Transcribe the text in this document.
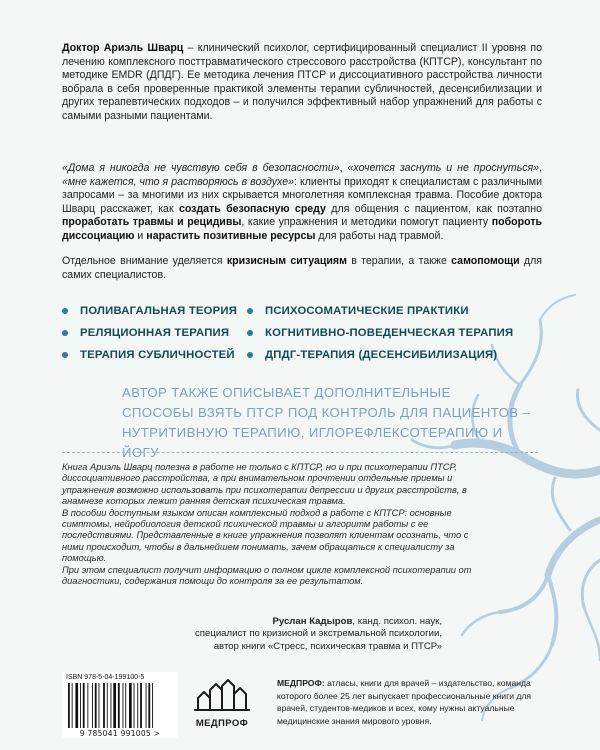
Доктор Ариэль Шварц – клинический психолог, сертифицированный специалист II уровня по лечению комплексного посттравматического стрессового расстройства (КПТСР), консультант по методике EMDR (ДПДГ). Ее методика лечения ПТСР и диссоциативного расстройства личности вобрала в себя проверенные практикой элементы терапии субличностей, десенсибилизации и других терапевтических подходов – и получился эффективный набор упражнений для работы с самыми разными пациентами.
«Дома я никогда не чувствую себя в безопасности», «хочется заснуть и не проснуться», «мне кажется, что я растворяюсь в воздухе»: клиенты приходят к специалистам с различными запросами – за многими из них скрывается многолетняя комплексная травма. Пособие доктора Шварц расскажет, как создать безопасную среду для общения с пациентом, как поэтапно проработать травмы и рецидивы, какие упражнения и методики помогут пациенту побороть диссоциацию и нарастить позитивные ресурсы для работы над травмой.
Отдельное внимание уделяется кризисным ситуациям в терапии, а также самопомощи для самих специалистов.
ПОЛИВАГАЛЬНАЯ ТЕОРИЯ
РЕЛЯЦИОННАЯ ТЕРАПИЯ
ТЕРАПИЯ СУБЛИЧНОСТЕЙ
ПСИХОСОМАТИЧЕСКИЕ ПРАКТИКИ
КОГНИТИВНО-ПОВЕДЕНЧЕСКАЯ ТЕРАПИЯ
ДПДГ-ТЕРАПИЯ (ДЕСЕНСИБИЛИЗАЦИЯ)
АВТОР ТАКЖЕ ОПИСЫВАЕТ ДОПОЛНИТЕЛЬНЫЕ
СПОСОБЫ ВЗЯТЬ ПТСР ПОД КОНТРОЛЬ ДЛЯ ПАЦИЕНТОВ –
НУТРИТИВНУЮ ТЕРАПИЮ, ИГЛОРЕФЛЕКСОТЕРАПИЮ И ЙОГУ
Книга Ариэль Шварц полезна в работе не только с КПТСР, но и при психотерапии ПТСР, диссоциативного расстройства, а при внимательном прочтении отдельные приемы и упражнения возможно использовать при психотерапии депрессии и других расстройств, в анамнезе которых лежит ранняя детская психическая травма.
В пособии доступным языком описан комплексный подход в работе с КПТСР: основные симптомы, нейробиология детской психической травмы и алгоритм работы с ее последствиями. Представленные в книге упражнения позволят клиентам осознать, что с ними происходит, чтобы в дальнейшем понимать, зачем обращаться к специалисту за помощью.
При этом специалист получит информацию о полном цикле комплексной психотерапии от диагностики, содержания помощи до контроля за ее результатом.
Руслан Кадыров, канд. психол. наук,
специалист по кризисной и экстремальной психологии,
автор книги «Стресс, психическая травма и ПТСР»
ISBN 978-5-04-199100-5
9 785041 991005 >
МЕДПРОФ
МЕДПРОФ: атласы, книги для врачей – издательство, команда которого более 25 лет выпускает профессиональные книги для врачей, студентов-медиков и всех, кому нужны актуальные медицинские знания мирового уровня.
